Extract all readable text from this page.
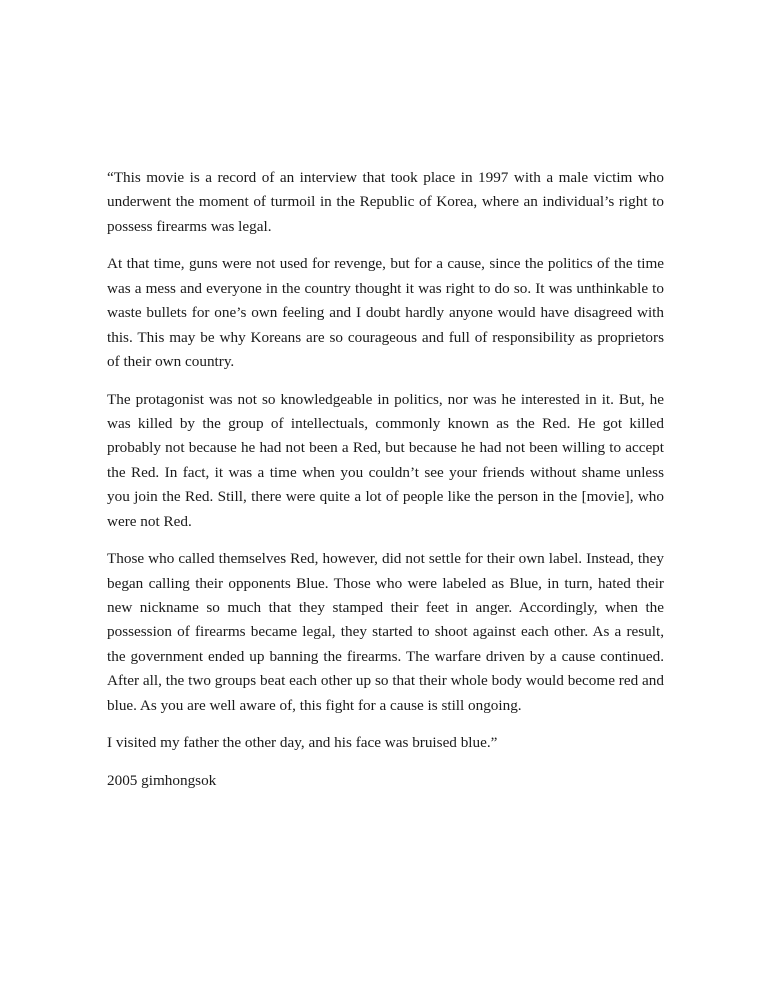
“This movie is a record of an interview that took place in 1997 with a male victim who underwent the moment of turmoil in the Republic of Korea, where an individual’s right to possess firearms was legal.

At that time, guns were not used for revenge, but for a cause, since the politics of the time was a mess and everyone in the country thought it was right to do so. It was unthinkable to waste bullets for one’s own feeling and I doubt hardly anyone would have disagreed with this. This may be why Koreans are so courageous and full of responsibility as proprietors of their own country.

The protagonist was not so knowledgeable in politics, nor was he interested in it. But, he was killed by the group of intellectuals, commonly known as the Red. He got killed probably not because he had not been a Red, but because he had not been willing to accept the Red. In fact, it was a time when you couldn’t see your friends without shame unless you join the Red. Still, there were quite a lot of people like the person in the [movie], who were not Red.

Those who called themselves Red, however, did not settle for their own label. Instead, they began calling their opponents Blue. Those who were labeled as Blue, in turn, hated their new nickname so much that they stamped their feet in anger. Accordingly, when the possession of firearms became legal, they started to shoot against each other. As a result, the government ended up banning the firearms. The warfare driven by a cause continued. After all, the two groups beat each other up so that their whole body would become red and blue. As you are well aware of, this fight for a cause is still ongoing.

I visited my father the other day, and his face was bruised blue.”

2005 gimhongsok
